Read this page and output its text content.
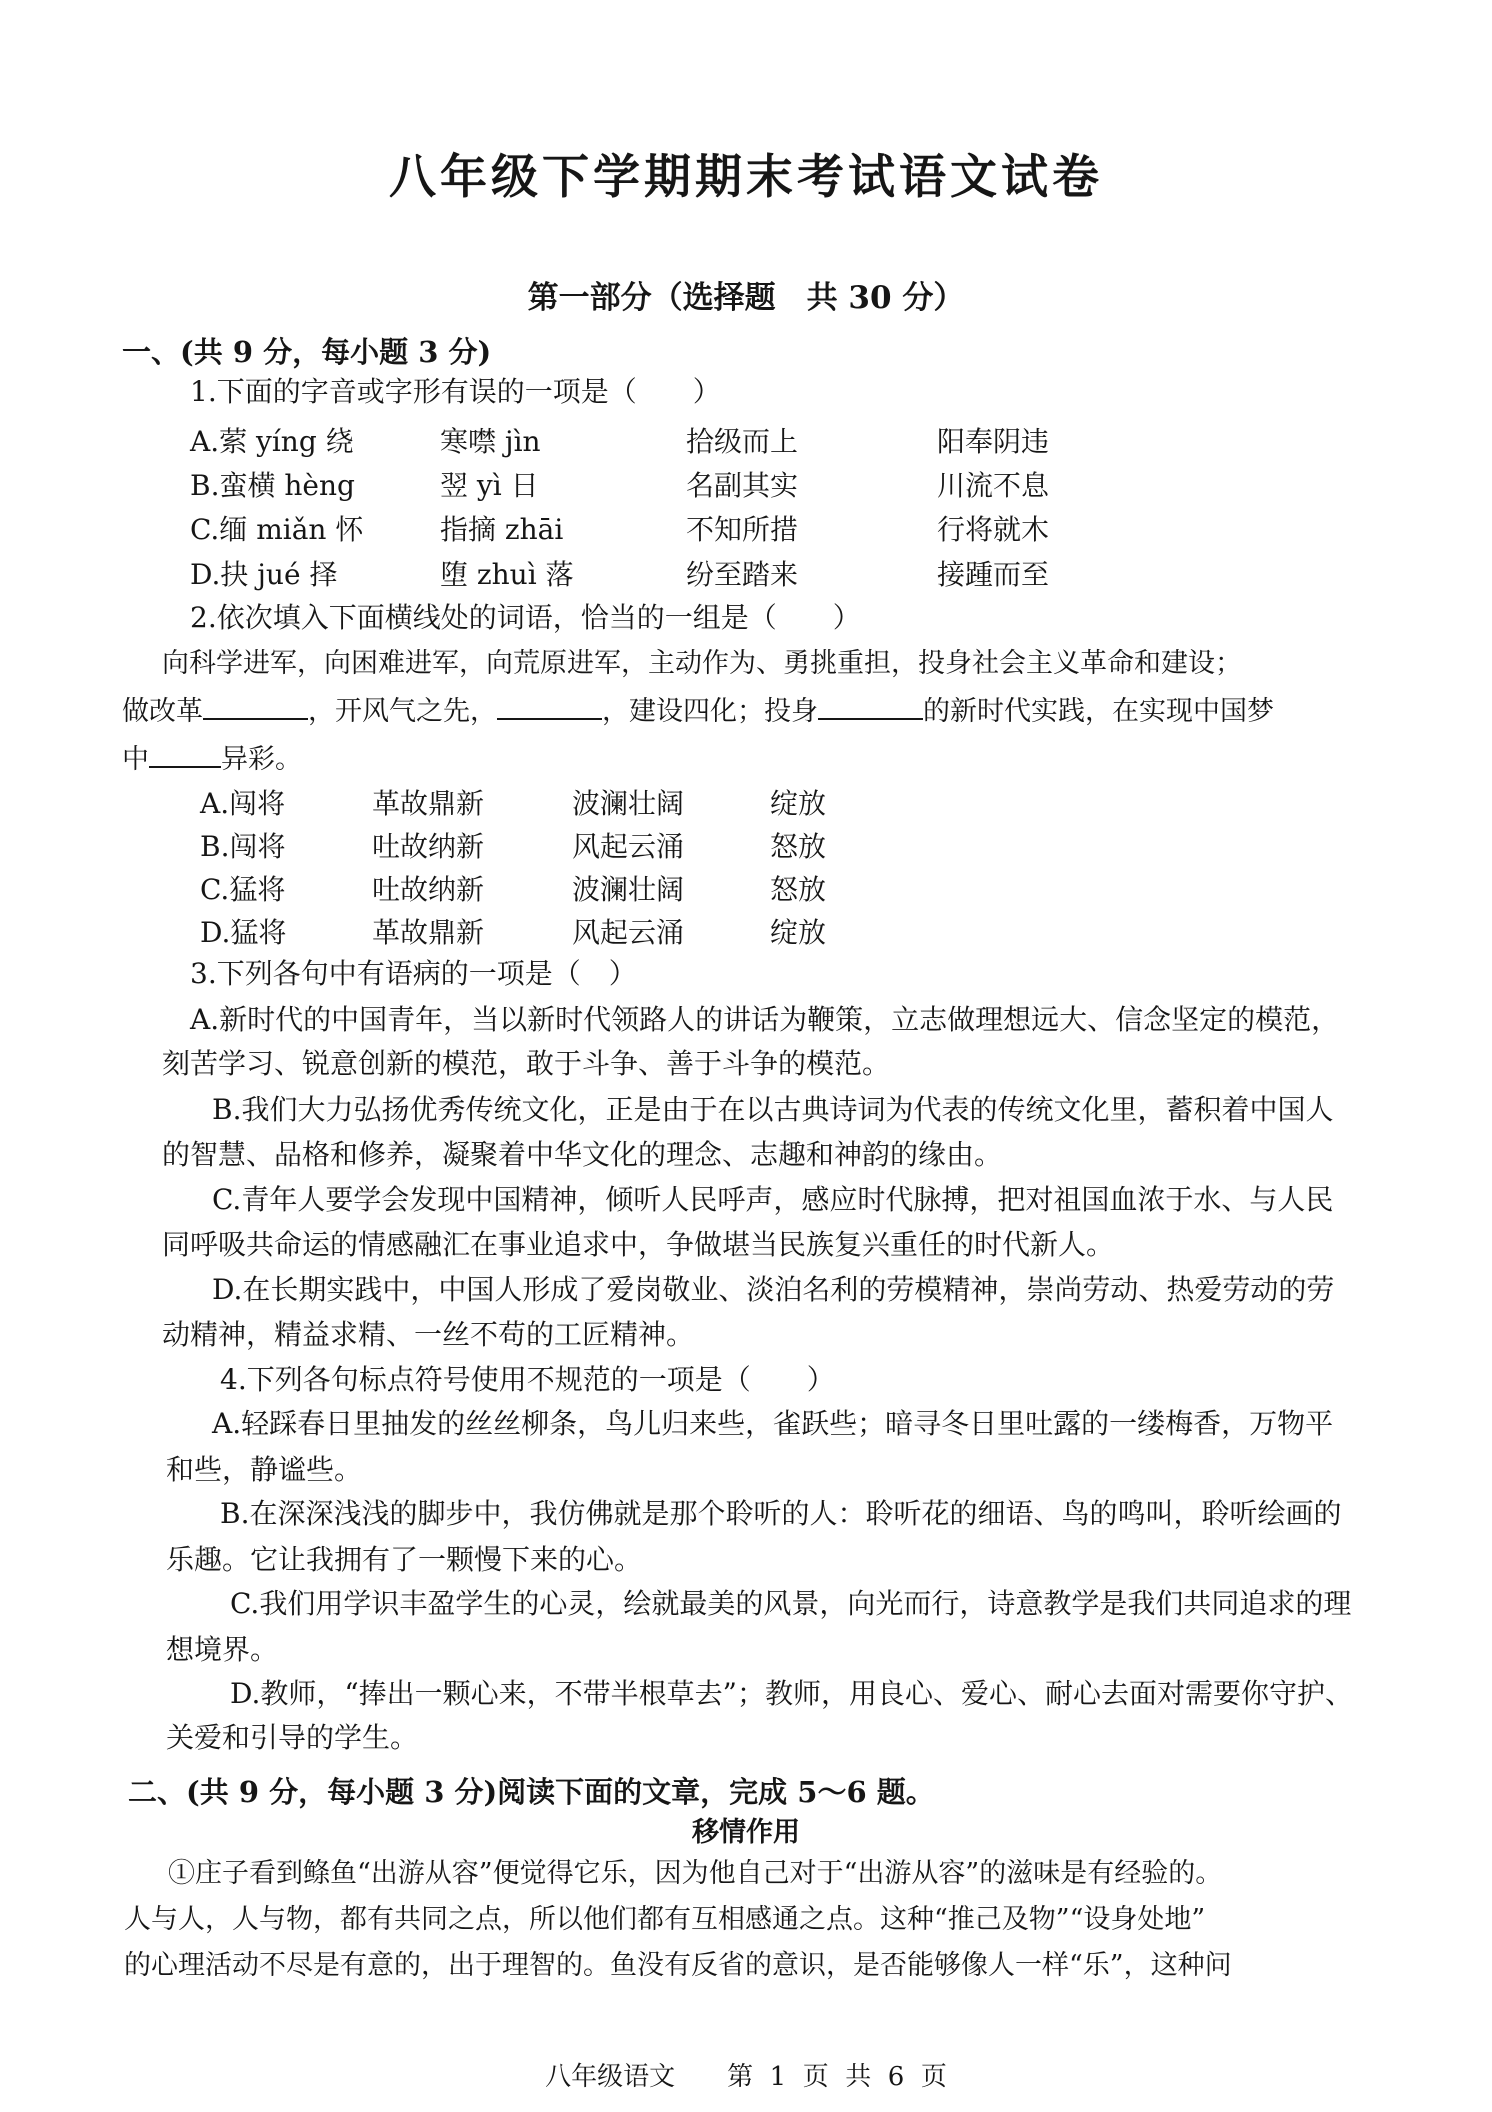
八年级下学期期末考试语文试卷
第一部分（选择题　共 30 分）
一、(共 9 分，每小题 3 分)
1.下面的字音或字形有误的一项是（　　）
A.萦 yíng 绕	寒噤 jìn	拾级而上	阳奉阴违
B.蛮横 hèng	翌 yì 日	名副其实	川流不息
C.缅 miǎn 怀	指摘 zhāi	不知所措	行将就木
D.抉 jué 择	堕 zhuì 落	纷至踏来	接踵而至
2.依次填入下面横线处的词语，恰当的一组是（　　）
向科学进军，向困难进军，向荒原进军，主动作为、勇挑重担，投身社会主义革命和建设；
做改革	，开风气之先，	，建设四化；投身	的新时代实践，在实现中国梦
中	异彩。
A.闯将	革故鼎新	波澜壮阔	绽放
B.闯将	吐故纳新	风起云涌	怒放
C.猛将	吐故纳新	波澜壮阔	怒放
D.猛将	革故鼎新	风起云涌	绽放
3.下列各句中有语病的一项是（　）
A.新时代的中国青年，当以新时代领路人的讲话为鞭策，立志做理想远大、信念坚定的模范，
刻苦学习、锐意创新的模范，敢于斗争、善于斗争的模范。
B.我们大力弘扬优秀传统文化，正是由于在以古典诗词为代表的传统文化里，蓄积着中国人
的智慧、品格和修养，凝聚着中华文化的理念、志趣和神韵的缘由。
C.青年人要学会发现中国精神，倾听人民呼声，感应时代脉搏，把对祖国血浓于水、与人民
同呼吸共命运的情感融汇在事业追求中，争做堪当民族复兴重任的时代新人。
D.在长期实践中，中国人形成了爱岗敬业、淡泊名利的劳模精神，崇尚劳动、热爱劳动的劳
动精神，精益求精、一丝不苟的工匠精神。
4.下列各句标点符号使用不规范的一项是（　　）
A.轻踩春日里抽发的丝丝柳条，鸟儿归来些，雀跃些；暗寻冬日里吐露的一缕梅香，万物平
和些，静谧些。
B.在深深浅浅的脚步中，我仿佛就是那个聆听的人：聆听花的细语、鸟的鸣叫，聆听绘画的
乐趣。它让我拥有了一颗慢下来的心。
C.我们用学识丰盈学生的心灵，绘就最美的风景，向光而行，诗意教学是我们共同追求的理
想境界。
D.教师，“捧出一颗心来，不带半根草去”；教师，用良心、爱心、耐心去面对需要你守护、
关爱和引导的学生。
二、(共 9 分，每小题 3 分)阅读下面的文章，完成 5～6 题。
移情作用
①庄子看到鲦鱼“出游从容”便觉得它乐，因为他自己对于“出游从容”的滋味是有经验的。
人与人，人与物，都有共同之点，所以他们都有互相感通之点。这种“推己及物”“设身处地”
的心理活动不尽是有意的，出于理智的。鱼没有反省的意识，是否能够像人一样“乐”，这种问
八年级语文　　第  1  页  共  6  页
